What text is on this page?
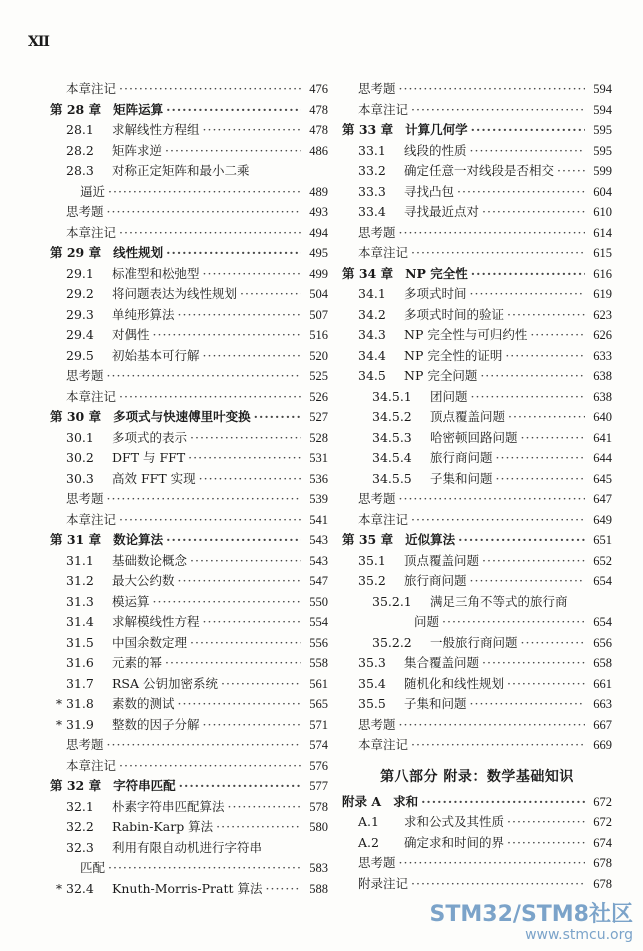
XII
本章注记 ·····	476
第 28 章 矩阵运算 ·····	478
28.1	求解线性方程组 ·····	478
28.2	矩阵求逆 ·····	486
28.3	对称正定矩阵和最小二乘
逼近 ·····	489
思考题 ·····	493
本章注记 ·····	494
第 29 章 线性规划 ·····	495
29.1	标准型和松弛型 ·····	499
29.2	将问题表达为线性规划 ·····	504
29.3	单纯形算法 ·····	507
29.4	对偶性 ·····	516
29.5	初始基本可行解 ·····	520
思考题 ·····	525
本章注记 ·····	526
第 30 章 多项式与快速傅里叶变换 ·····	527
30.1	多项式的表示 ·····	528
30.2	DFT 与 FFT ·····	531
30.3	高效 FFT 实现 ·····	536
思考题 ·····	539
本章注记 ·····	541
第 31 章 数论算法 ·····	543
31.1	基础数论概念 ·····	543
31.2	最大公约数 ·····	547
31.3	模运算 ·····	550
31.4	求解模线性方程 ·····	554
31.5	中国余数定理 ·····	556
31.6	元素的幂 ·····	558
31.7	RSA 公钥加密系统 ·····	561
* 31.8	素数的测试 ·····	565
* 31.9	整数的因子分解 ·····	571
思考题 ·····	574
本章注记 ·····	576
第 32 章 字符串匹配 ·····	577
32.1	朴素字符串匹配算法 ·····	578
32.2	Rabin-Karp 算法 ·····	580
32.3	利用有限自动机进行字符串
匹配 ·····	583
* 32.4	Knuth-Morris-Pratt 算法 ·····	588
思考题 ·····	594
本章注记 ·····	594
第 33 章 计算几何学 ·····	595
33.1	线段的性质 ·····	595
33.2	确定任意一对线段是否相交 ·····	599
33.3	寻找凸包 ·····	604
33.4	寻找最近点对 ·····	610
思考题 ·····	614
本章注记 ·····	615
第 34 章 NP 完全性 ·····	616
34.1	多项式时间 ·····	619
34.2	多项式时间的验证 ·····	623
34.3	NP 完全性与可归约性 ·····	626
34.4	NP 完全性的证明 ·····	633
34.5	NP 完全问题 ·····	638
34.5.1	团问题 ·····	638
34.5.2	顶点覆盖问题 ·····	640
34.5.3	哈密顿回路问题 ·····	641
34.5.4	旅行商问题 ·····	644
34.5.5	子集和问题 ·····	645
思考题 ·····	647
本章注记 ·····	649
第 35 章 近似算法 ·····	651
35.1	顶点覆盖问题 ·····	652
35.2	旅行商问题 ·····	654
35.2.1	满足三角不等式的旅行商
问题 ·····	654
35.2.2	一般旅行商问题 ·····	656
35.3	集合覆盖问题 ·····	658
35.4	随机化和线性规划 ·····	661
35.5	子集和问题 ·····	663
思考题 ·····	667
本章注记 ·····	669
第八部分 附录：数学基础知识
附录 A 求和 ·····	672
A.1	求和公式及其性质 ·····	672
A.2	确定求和时间的界 ·····	674
思考题 ·····	678
附录注记 ·····	678
STM32/STM8社区
www.stmcu.org
